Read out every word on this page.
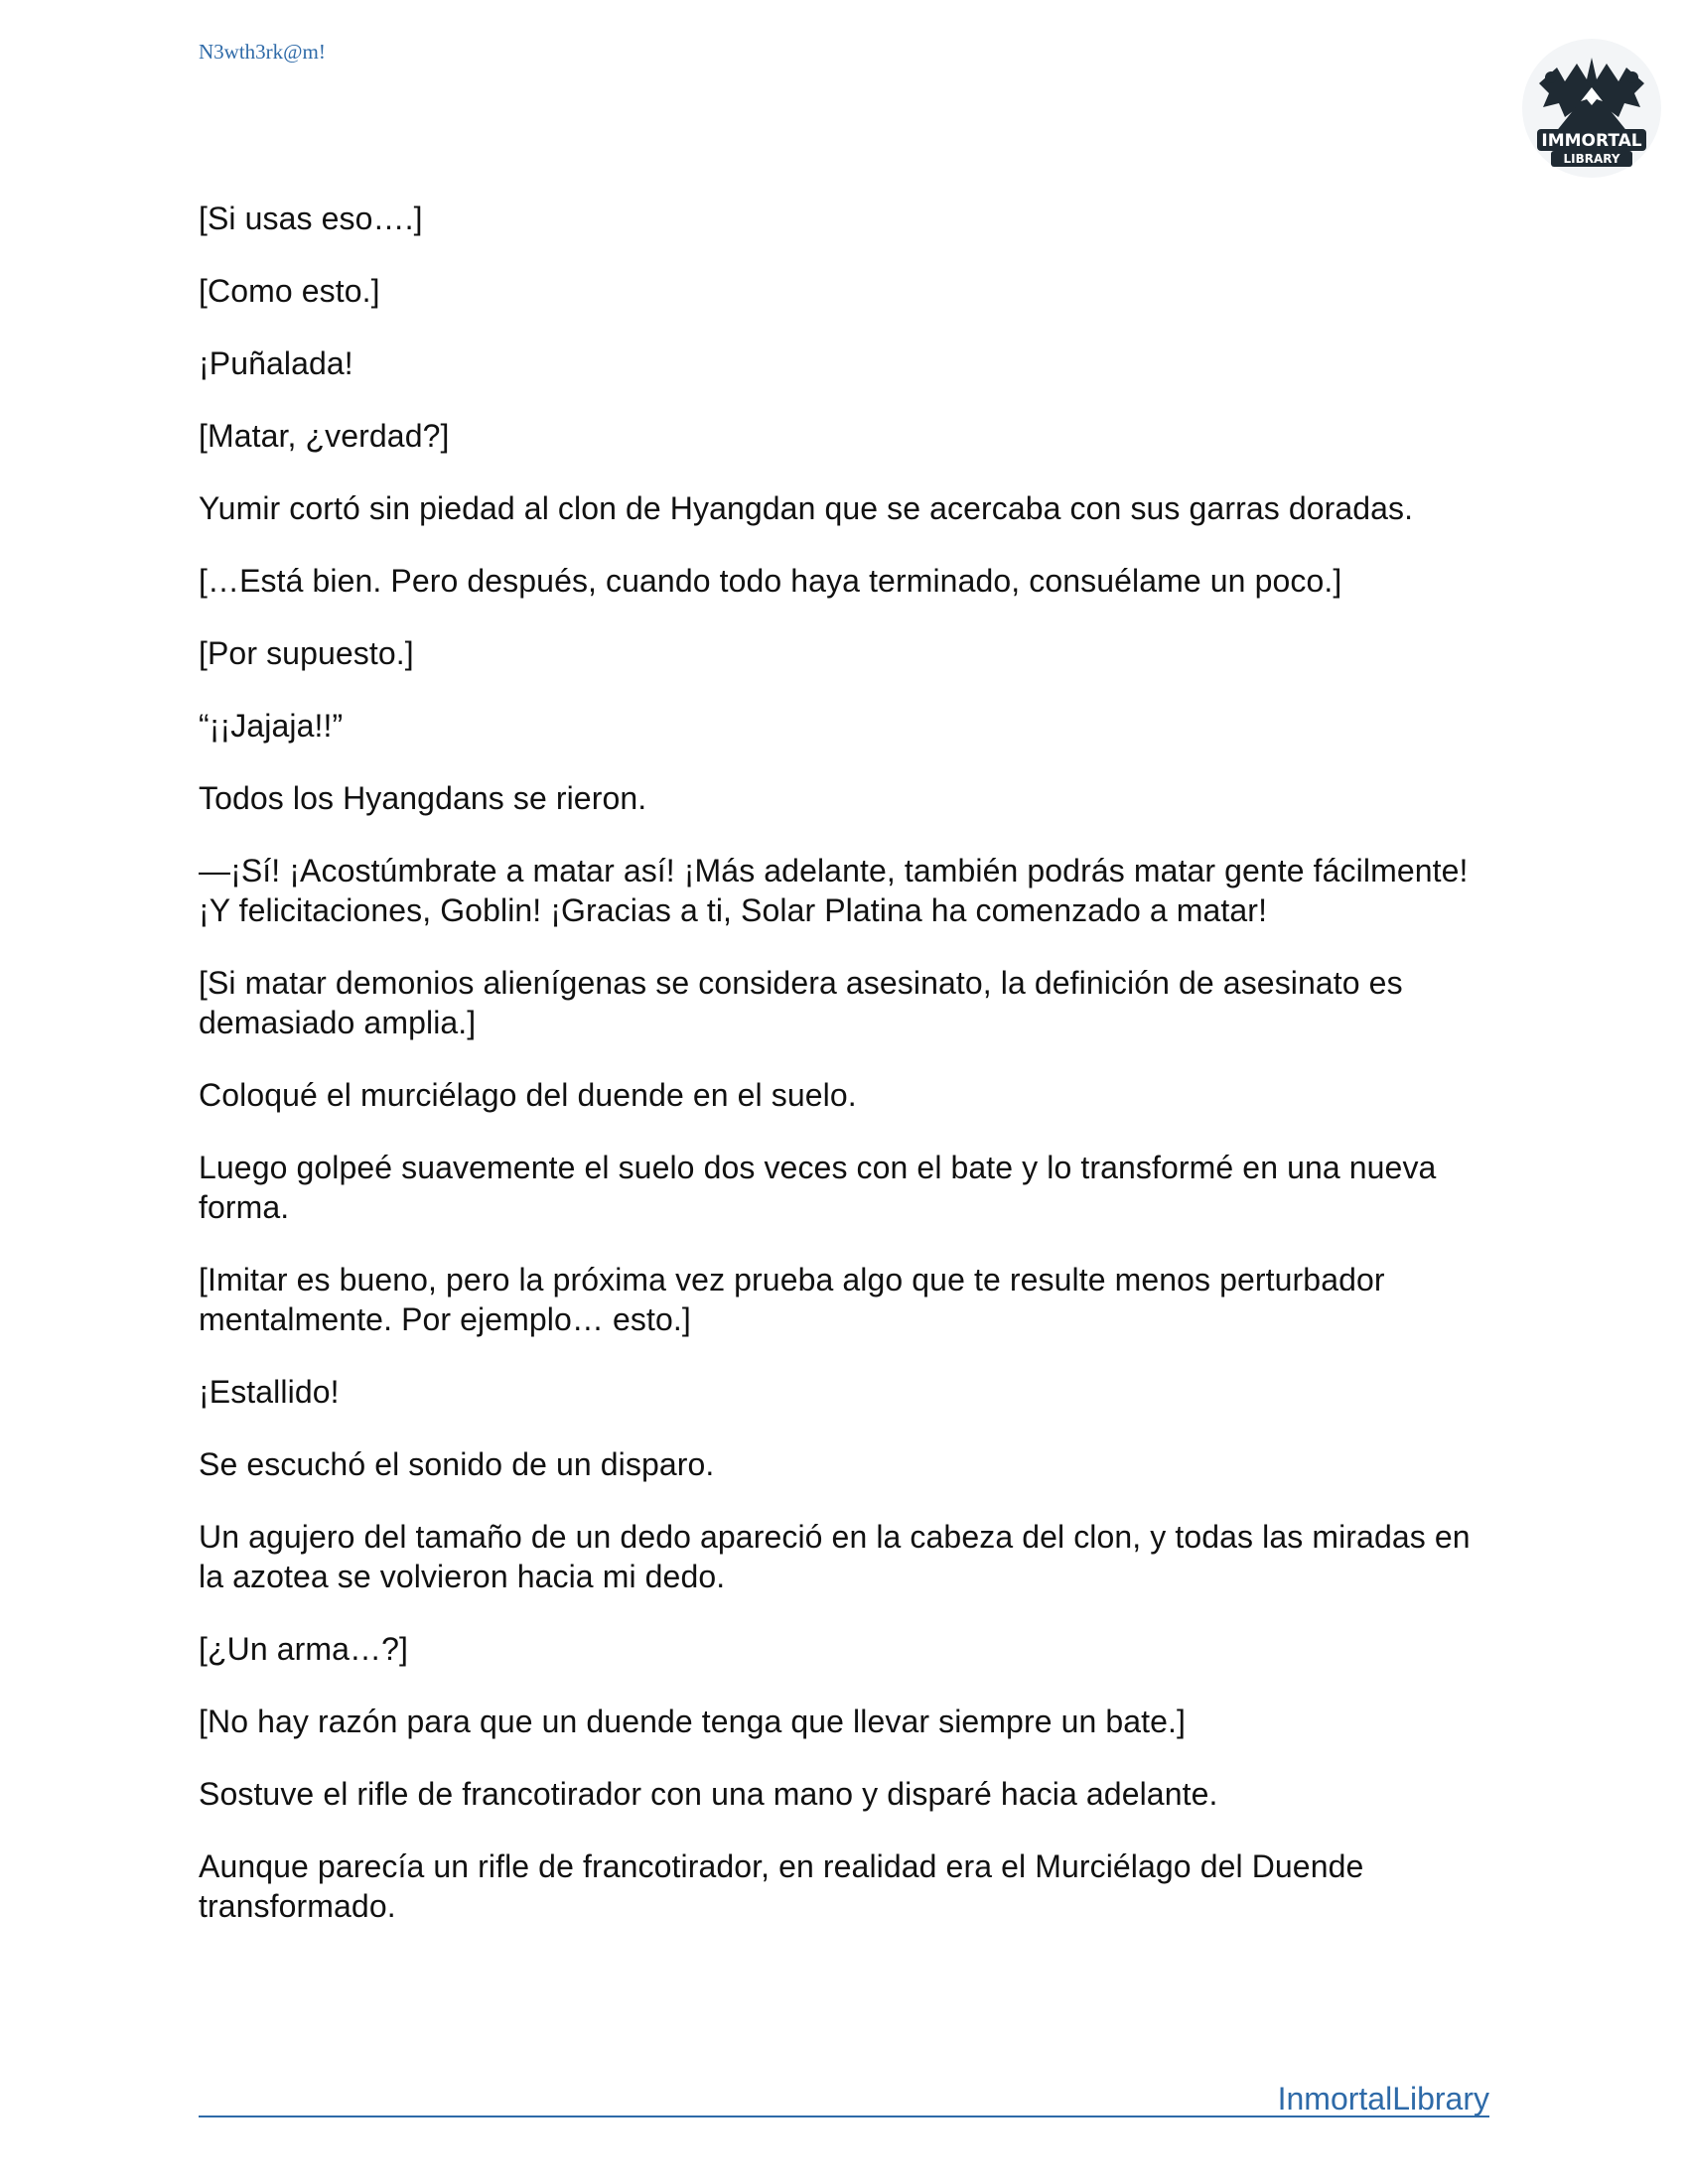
N3wth3rk@m!
IMMORTAL
LIBRARY

[Si usas eso….]

[Como esto.]

¡Puñalada!

[Matar, ¿verdad?]

Yumir cortó sin piedad al clon de Hyangdan que se acercaba con sus garras doradas.

[…Está bien. Pero después, cuando todo haya terminado, consuélame un poco.]

[Por supuesto.]

“¡¡Jajaja!!”

Todos los Hyangdans se rieron.

—¡Sí! ¡Acostúmbrate a matar así! ¡Más adelante, también podrás matar gente fácilmente! ¡Y felicitaciones, Goblin! ¡Gracias a ti, Solar Platina ha comenzado a matar!

[Si matar demonios alienígenas se considera asesinato, la definición de asesinato es demasiado amplia.]

Coloqué el murciélago del duende en el suelo.

Luego golpeé suavemente el suelo dos veces con el bate y lo transformé en una nueva forma.

[Imitar es bueno, pero la próxima vez prueba algo que te resulte menos perturbador mentalmente. Por ejemplo… esto.]

¡Estallido!

Se escuchó el sonido de un disparo.

Un agujero del tamaño de un dedo apareció en la cabeza del clon, y todas las miradas en la azotea se volvieron hacia mi dedo.

[¿Un arma…?]

[No hay razón para que un duende tenga que llevar siempre un bate.]

Sostuve el rifle de francotirador con una mano y disparé hacia adelante.

Aunque parecía un rifle de francotirador, en realidad era el Murciélago del Duende transformado.

InmortalLibrary
